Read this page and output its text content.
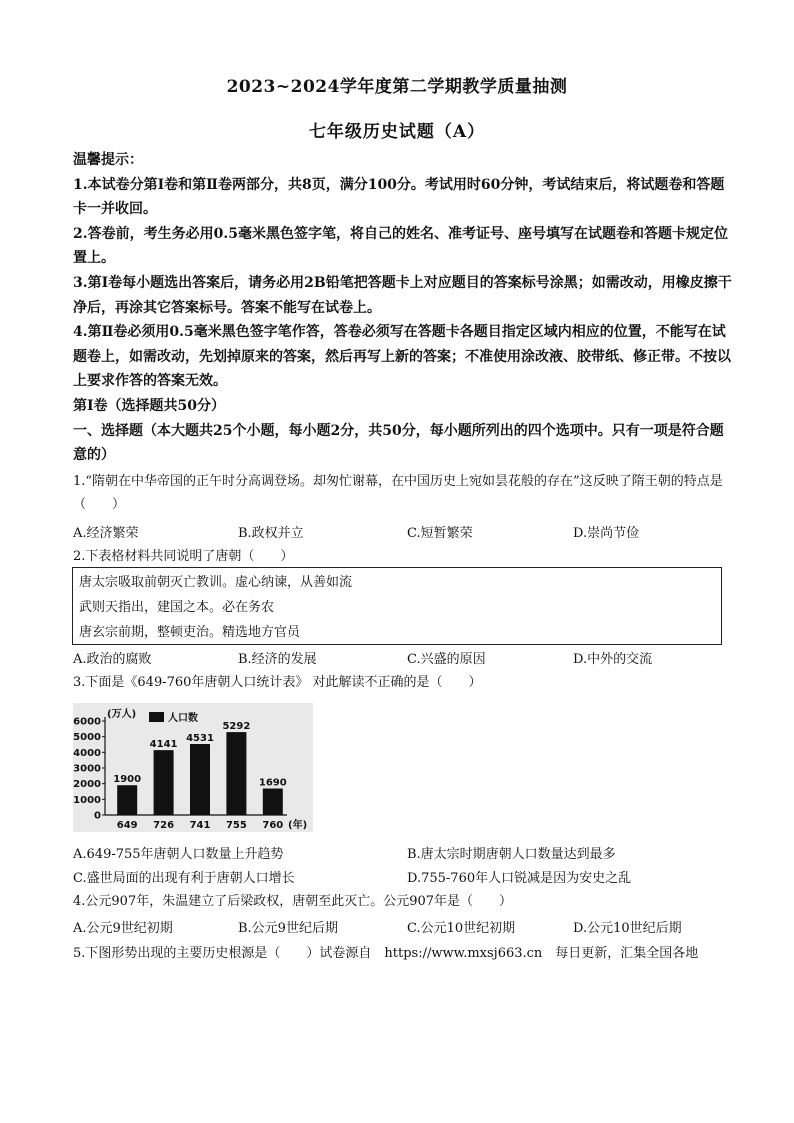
2023~2024学年度第二学期教学质量抽测
七年级历史试题（A）
温馨提示：
1.本试卷分第Ⅰ卷和第Ⅱ卷两部分，共8页，满分100分。考试用时60分钟，考试结束后，将试题卷和答题卡一并收回。
2.答卷前，考生务必用0.5毫米黑色签字笔，将自己的姓名、准考证号、座号填写在试题卷和答题卡规定位置上。
3.第Ⅰ卷每小题选出答案后，请务必用2B铅笔把答题卡上对应题目的答案标号涂黑；如需改动，用橡皮擦干净后，再涂其它答案标号。答案不能写在试卷上。
4.第Ⅱ卷必须用0.5毫米黑色签字笔作答，答卷必须写在答题卡各题目指定区域内相应的位置，不能写在试题卷上，如需改动，先划掉原来的答案，然后再写上新的答案；不准使用涂改液、胶带纸、修正带。不按以上要求作答的答案无效。
第Ⅰ卷（选择题共50分）
一、选择题（本大题共25个小题，每小题2分，共50分，每小题所列出的四个选项中。只有一项是符合题意的）
1.“隋朝在中华帝国的正午时分高调登场。却匆忙谢幕，在中国历史上宛如昙花般的存在”这反映了隋王朝的特点是（　　）
A.经济繁荣	B.政权并立	C.短暂繁荣	D.崇尚节俭
2.下表格材料共同说明了唐朝（　　）
唐太宗吸取前朝灭亡教训。虚心纳谏，从善如流
武则天指出，建国之本。必在务农
唐玄宗前期，整顿吏治。精选地方官员
A.政治的腐败	B.经济的发展	C.兴盛的原因	D.中外的交流
3.下面是《649-760年唐朝人口统计表》 对此解读不正确的是（　　）
0
1000
2000
3000
4000
5000
6000
(万人)	人口数
1900
649
4141
726
4531
741
5292
755
1690
760 (年)
A.649-755年唐朝人口数量上升趋势	B.唐太宗时期唐朝人口数量达到最多
C.盛世局面的出现有利于唐朝人口增长	D.755-760年人口锐减是因为安史之乱
4.公元907年，朱温建立了后梁政权，唐朝至此灭亡。公元907年是（　　）
A.公元9世纪初期	B.公元9世纪后期	C.公元10世纪初期	D.公元10世纪后期
5.下图形势出现的主要历史根源是（　　）试卷源自　https://www.mxsj663.cn　每日更新，汇集全国各地
